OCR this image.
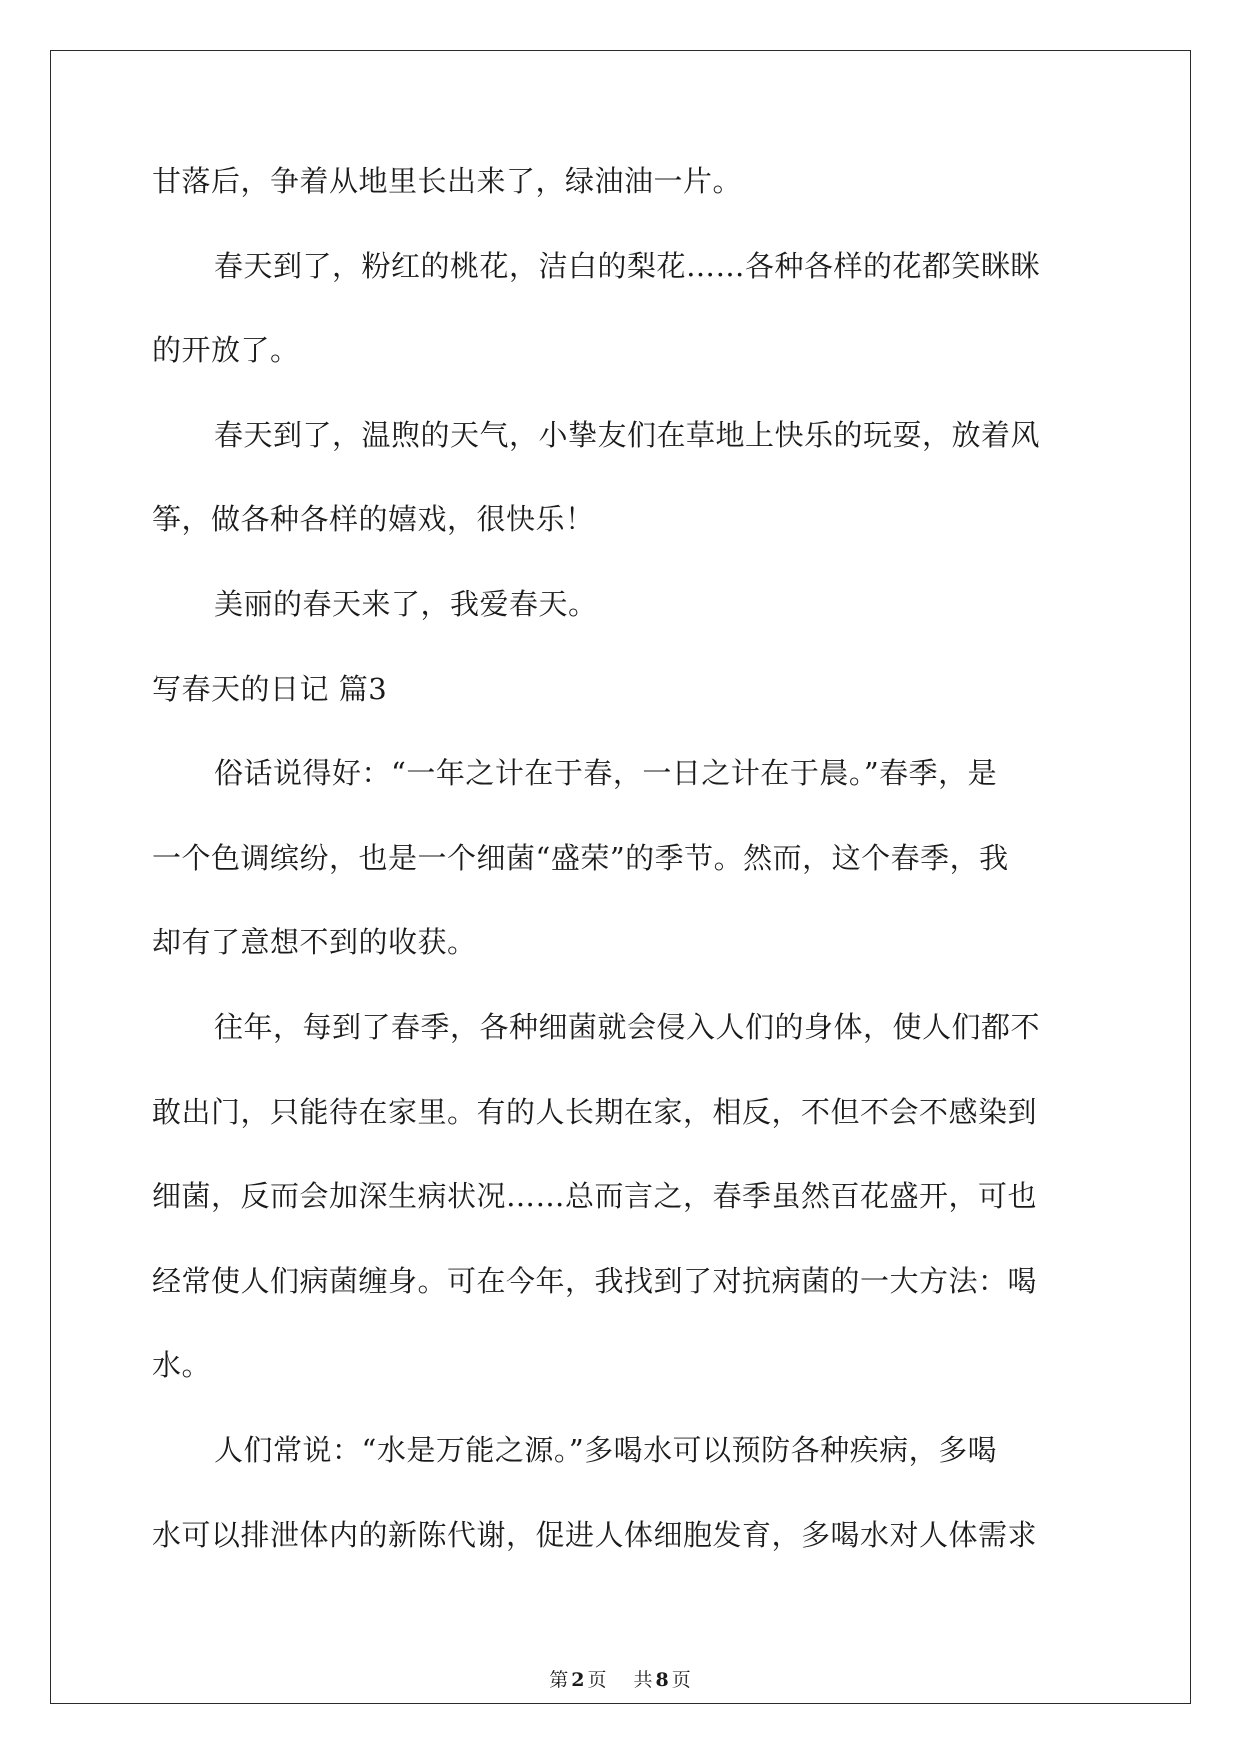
甘落后，争着从地里长出来了，绿油油一片。
春天到了，粉红的桃花，洁白的梨花……各种各样的花都笑眯眯
的开放了。
春天到了，温煦的天气，小挚友们在草地上快乐的玩耍，放着风
筝，做各种各样的嬉戏，很快乐！
美丽的春天来了，我爱春天。
写春天的日记 篇3
俗话说得好：“一年之计在于春，一日之计在于晨。”春季，是
一个色调缤纷，也是一个细菌“盛荣”的季节。然而，这个春季，我
却有了意想不到的收获。
往年，每到了春季，各种细菌就会侵入人们的身体，使人们都不
敢出门，只能待在家里。有的人长期在家，相反，不但不会不感染到
细菌，反而会加深生病状况……总而言之，春季虽然百花盛开，可也
经常使人们病菌缠身。可在今年，我找到了对抗病菌的一大方法：喝
水。
人们常说：“水是万能之源。”多喝水可以预防各种疾病，多喝
水可以排泄体内的新陈代谢，促进人体细胞发育，多喝水对人体需求
第 2 页 共 8 页
